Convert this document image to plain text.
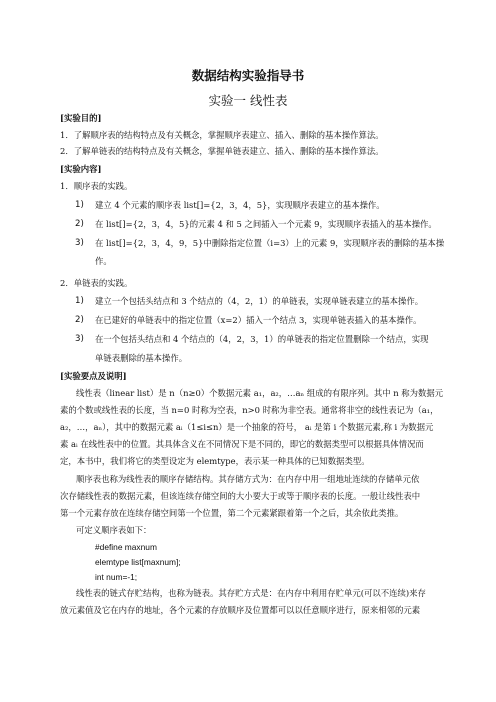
数据结构实验指导书
实验一 线性表
[实验目的]
1．了解顺序表的结构特点及有关概念，掌握顺序表建立、插入、删除的基本操作算法。
2．了解单链表的结构特点及有关概念，掌握单链表建立、插入、删除的基本操作算法。
[实验内容]
1．顺序表的实践。
1) 建立 4 个元素的顺序表 list[]={2，3，4，5}，实现顺序表建立的基本操作。
2) 在 list[]={2，3，4，5}的元素 4 和 5 之间插入一个元素 9，实现顺序表插入的基本操作。
3) 在 list[]={2，3，4，9，5}中删除指定位置（i=3）上的元素 9，实现顺序表的删除的基本操
作。
2．单链表的实践。
1) 建立一个包括头结点和 3 个结点的（4，2，1）的单链表，实现单链表建立的基本操作。
2) 在已建好的单链表中的指定位置（x=2）插入一个结点 3，实现单链表插入的基本操作。
3) 在一个包括头结点和 4 个结点的（4，2，3，1）的单链表的指定位置删除一个结点，实现
单链表删除的基本操作。
[实验要点及说明]
线性表（linear list）是 n（n≥0）个数据元素 a₁，a₂，…aₙ 组成的有限序列。其中 n 称为数据元
素的个数或线性表的长度，当 n=0 时称为空表，n>0 时称为非空表。通常将非空的线性表记为（a₁，
a₂，…，aₙ），其中的数据元素 aᵢ（1≤i≤n）是一个抽象的符号， aᵢ 是第 i 个数据元素,称 i 为数据元
素 aᵢ 在线性表中的位置。其具体含义在不同情况下是不同的，即它的数据类型可以根据具体情况而
定，本书中，我们将它的类型设定为 elemtype，表示某一种具体的已知数据类型。
顺序表也称为线性表的顺序存储结构。其存储方式为：在内存中用一组地址连续的存储单元依
次存储线性表的数据元素，但该连续存储空间的大小要大于或等于顺序表的长度。一般让线性表中
第一个元素存放在连续存储空间第一个位置，第二个元素紧跟着第一个之后，其余依此类推。
可定义顺序表如下：
#define maxnum
elemtype list[maxnum];
int num=-1;
线性表的链式存贮结构，也称为链表。其存贮方式是：在内存中利用存贮单元(可以不连续)来存
放元素值及它在内存的地址，各个元素的存放顺序及位置都可以以任意顺序进行，原来相邻的元素
